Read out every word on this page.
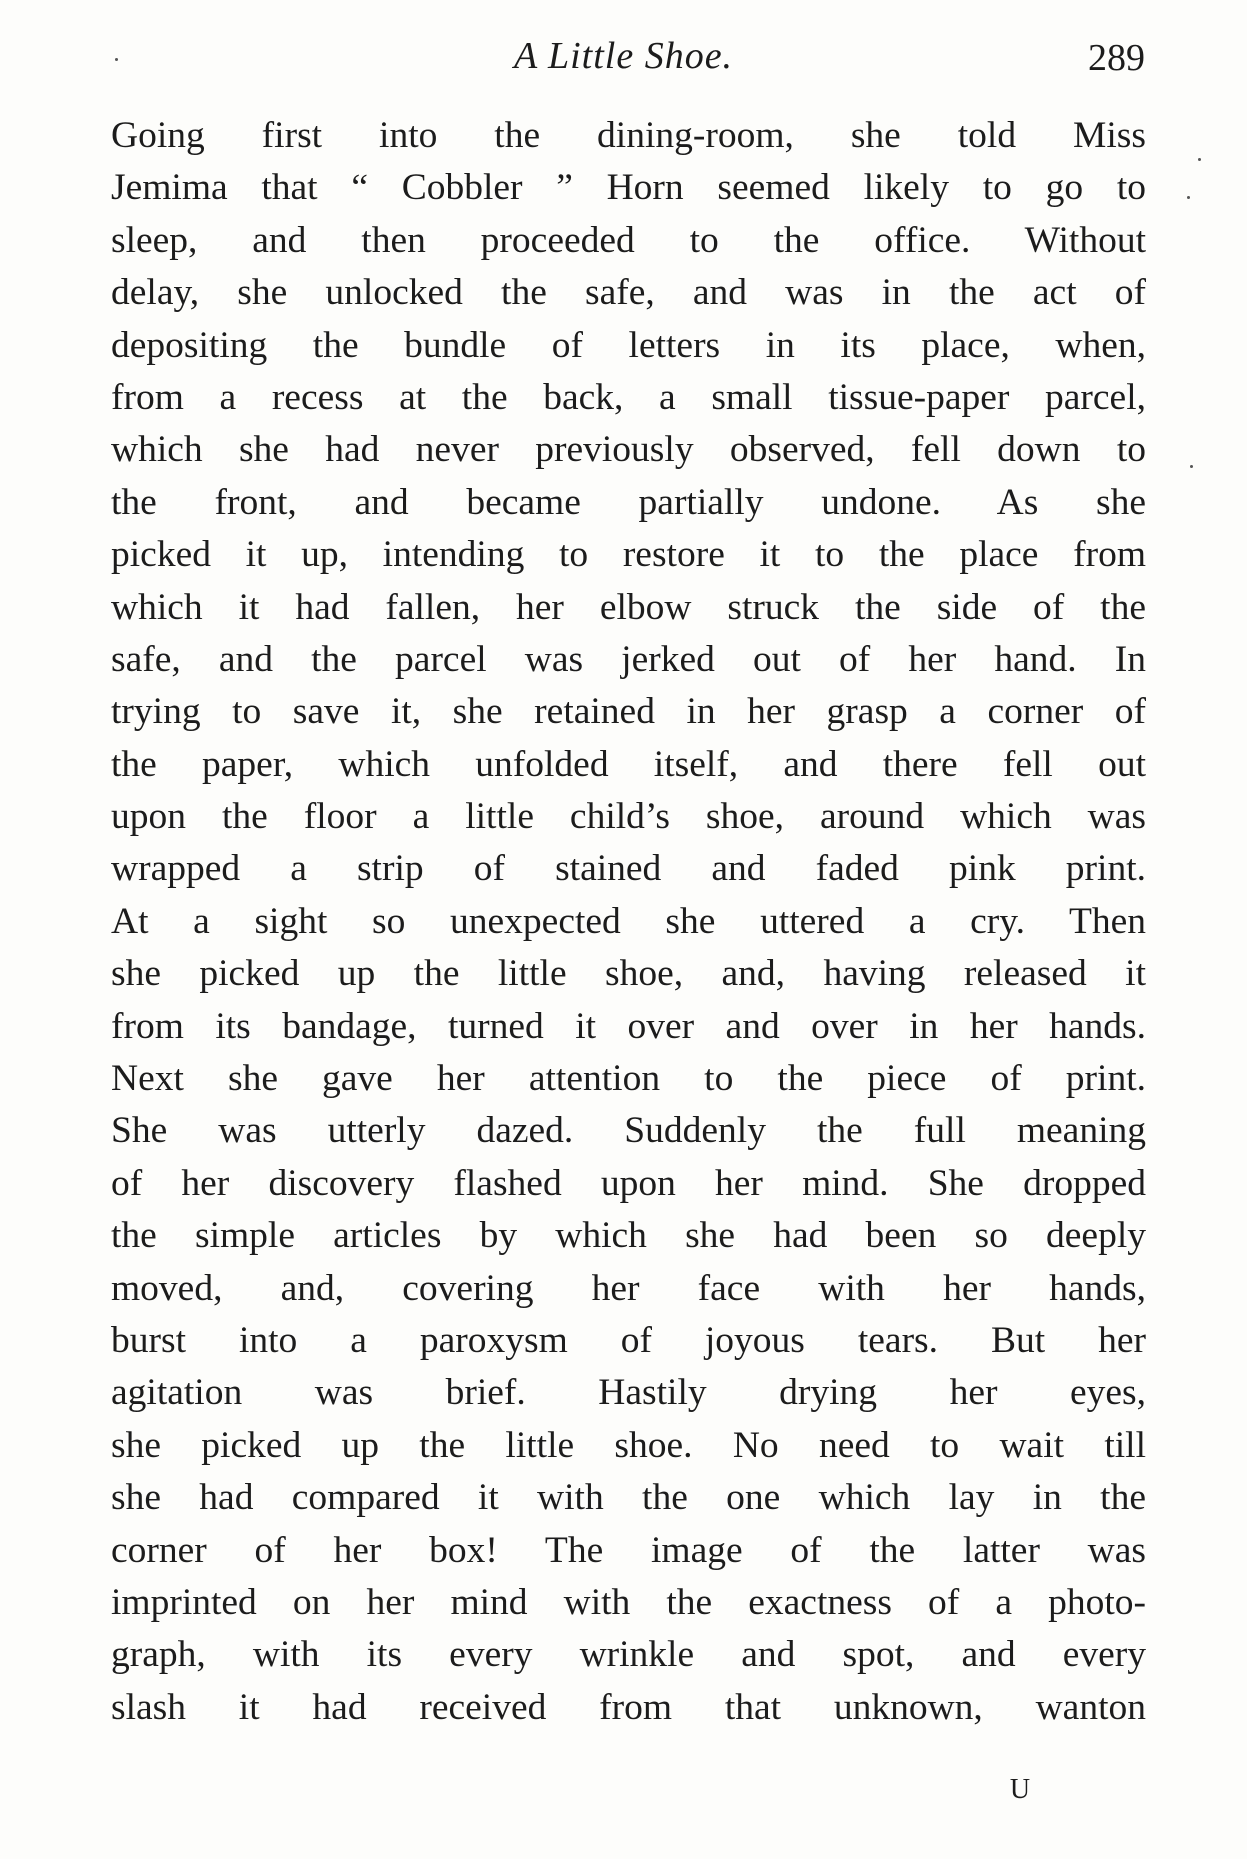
A Little Shoe.	289
Going first into the dining-room, she told Miss
Jemima that “ Cobbler ” Horn seemed likely to go to
sleep, and then proceeded to the office. Without
delay, she unlocked the safe, and was in the act of
depositing the bundle of letters in its place, when,
from a recess at the back, a small tissue-paper parcel,
which she had never previously observed, fell down to
the front, and became partially undone. As she
picked it up, intending to restore it to the place from
which it had fallen, her elbow struck the side of the
safe, and the parcel was jerked out of her hand. In
trying to save it, she retained in her grasp a corner of
the paper, which unfolded itself, and there fell out
upon the floor a little child’s shoe, around which was
wrapped a strip of stained and faded pink print.
At a sight so unexpected she uttered a cry. Then
she picked up the little shoe, and, having released it
from its bandage, turned it over and over in her hands.
Next she gave her attention to the piece of print.
She was utterly dazed. Suddenly the full meaning
of her discovery flashed upon her mind. She dropped
the simple articles by which she had been so deeply
moved, and, covering her face with her hands,
burst into a paroxysm of joyous tears. But her
agitation was brief. Hastily drying her eyes,
she picked up the little shoe. No need to wait till
she had compared it with the one which lay in the
corner of her box! The image of the latter was
imprinted on her mind with the exactness of a photo-
graph, with its every wrinkle and spot, and every
slash it had received from that unknown, wanton
U
